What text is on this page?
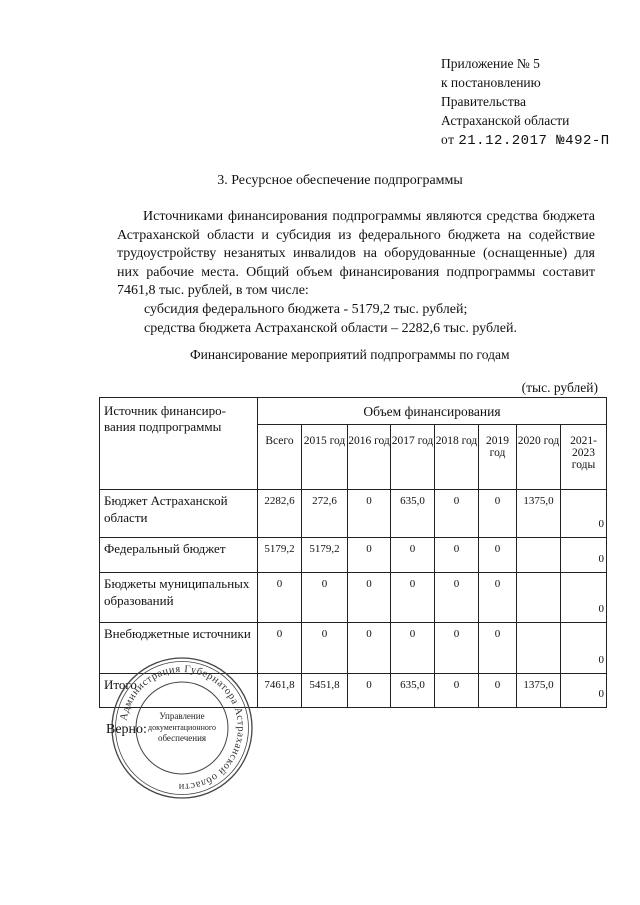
Приложение № 5
к постановлению
Правительства
Астраханской области
от 21.12.2017 №492-П
3. Ресурсное обеспечение подпрограммы

Источниками финансирования подпрограммы являются средства бюджета Астраханской области и субсидия из федерального бюджета на содействие трудоустройству незанятых инвалидов на оборудованные (оснащенные) для них рабочие места. Общий объем финансирования подпрограммы составит 7461,8 тыс. рублей, в том числе:

субсидия федерального бюджета - 5179,2 тыс. рублей;

средства бюджета Астраханской области – 2282,6 тыс. рублей.

Финансирование мероприятий подпрограммы по годам
(тыс. рублей)
Источник финансирования подпрограммы	Объем финансирования							
	Всего	2015 год	2016 год	2017 год	2018 год	2019 год	2020 год	2021-2023 годы
Бюджет Астраханской области	2282,6	272,6	0	635,0	0	0	1375,0	0
Федеральный бюджет	5179,2	5179,2	0	0	0	0		0
Бюджеты муниципальных образований	0	0	0	0	0	0		0
Внебюджетные источники	0	0	0	0	0	0		0
Итого	7461,8	5451,8	0	635,0	0	0	1375,0	0
Верно:
Администрация Губернатора Астраханской области
Управление
документационного
обеспечения
